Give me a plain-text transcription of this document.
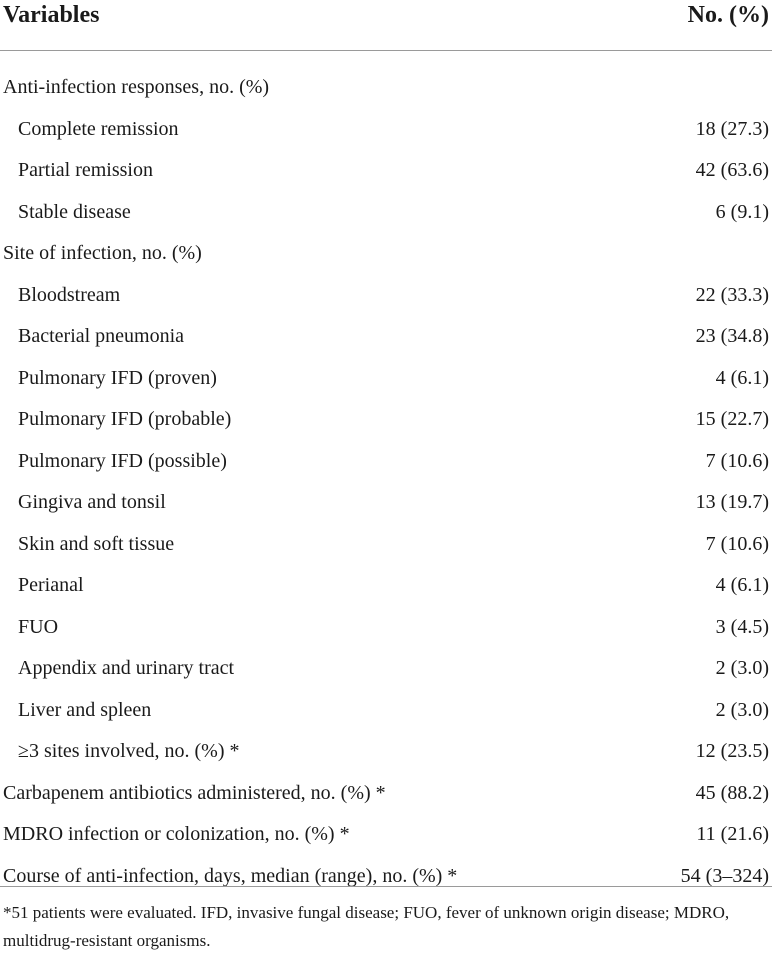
Variables	No. (%)
Anti-infection responses, no. (%)
Complete remission	18 (27.3)
Partial remission	42 (63.6)
Stable disease	6 (9.1)
Site of infection, no. (%)
Bloodstream	22 (33.3)
Bacterial pneumonia	23 (34.8)
Pulmonary IFD (proven)	4 (6.1)
Pulmonary IFD (probable)	15 (22.7)
Pulmonary IFD (possible)	7 (10.6)
Gingiva and tonsil	13 (19.7)
Skin and soft tissue	7 (10.6)
Perianal	4 (6.1)
FUO	3 (4.5)
Appendix and urinary tract	2 (3.0)
Liver and spleen	2 (3.0)
≥3 sites involved, no. (%) *	12 (23.5)
Carbapenem antibiotics administered, no. (%) *	45 (88.2)
MDRO infection or colonization, no. (%) *	11 (21.6)
Course of anti-infection, days, median (range), no. (%) *	54 (3–324)
*51 patients were evaluated. IFD, invasive fungal disease; FUO, fever of unknown origin disease; MDRO, multidrug-resistant organisms.
